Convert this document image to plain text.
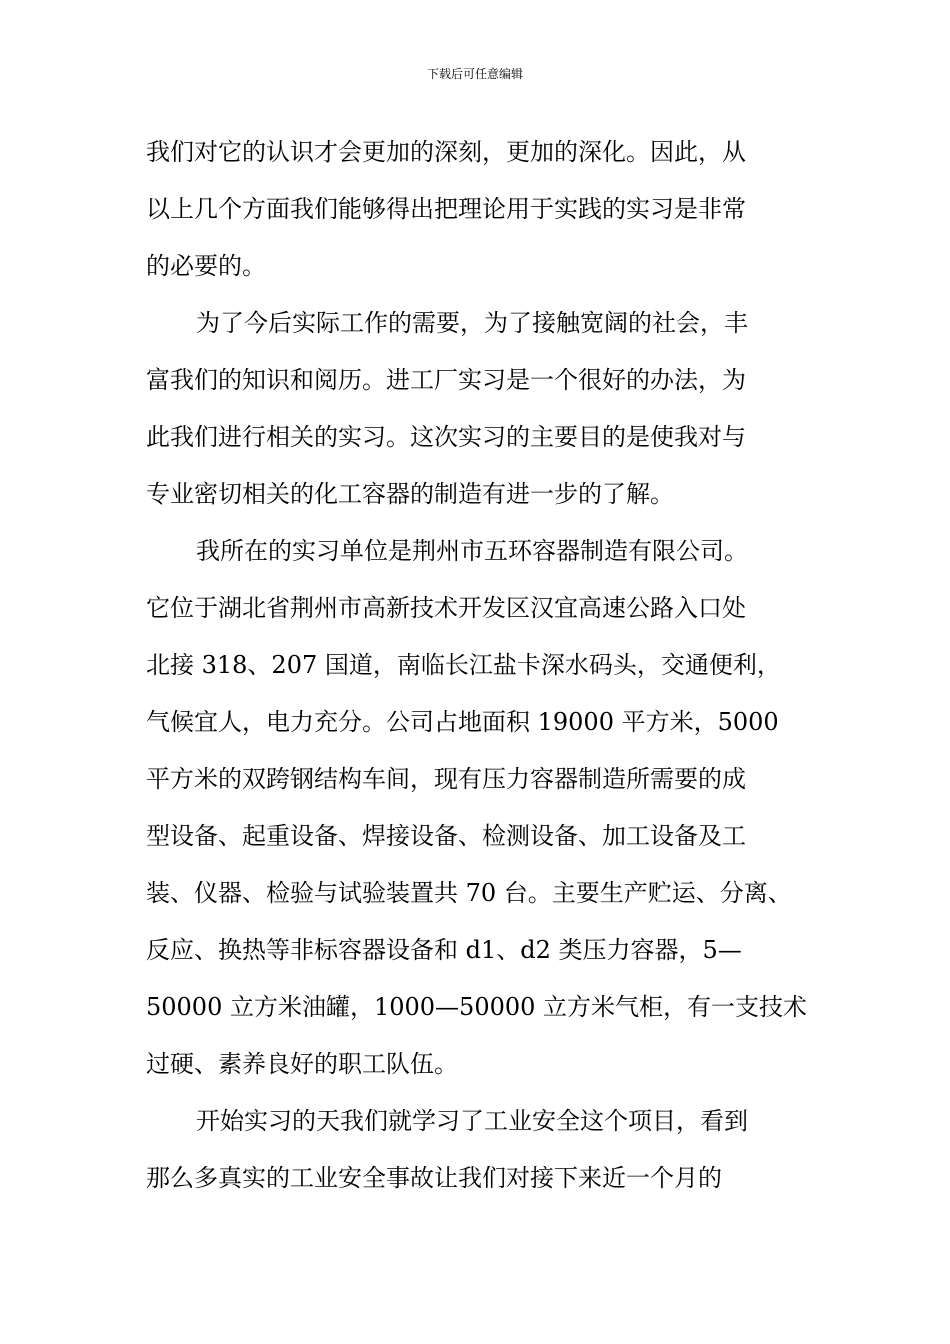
下载后可任意编辑
我们对它的认识才会更加的深刻，更加的深化。因此，从
以上几个方面我们能够得出把理论用于实践的实习是非常
的必要的。
为了今后实际工作的需要，为了接触宽阔的社会，丰
富我们的知识和阅历。进工厂实习是一个很好的办法，为
此我们进行相关的实习。这次实习的主要目的是使我对与
专业密切相关的化工容器的制造有进一步的了解。
我所在的实习单位是荆州市五环容器制造有限公司。
它位于湖北省荆州市高新技术开发区汉宜高速公路入口处
北接 318、207 国道，南临长江盐卡深水码头，交通便利，
气候宜人，电力充分。公司占地面积 19000 平方米，5000
平方米的双跨钢结构车间，现有压力容器制造所需要的成
型设备、起重设备、焊接设备、检测设备、加工设备及工
装、仪器、检验与试验装置共 70 台。主要生产贮运、分离、
反应、换热等非标容器设备和 d1、d2 类压力容器，5—
50000 立方米油罐，1000—50000 立方米气柜，有一支技术
过硬、素养良好的职工队伍。
开始实习的天我们就学习了工业安全这个项目，看到
那么多真实的工业安全事故让我们对接下来近一个月的
